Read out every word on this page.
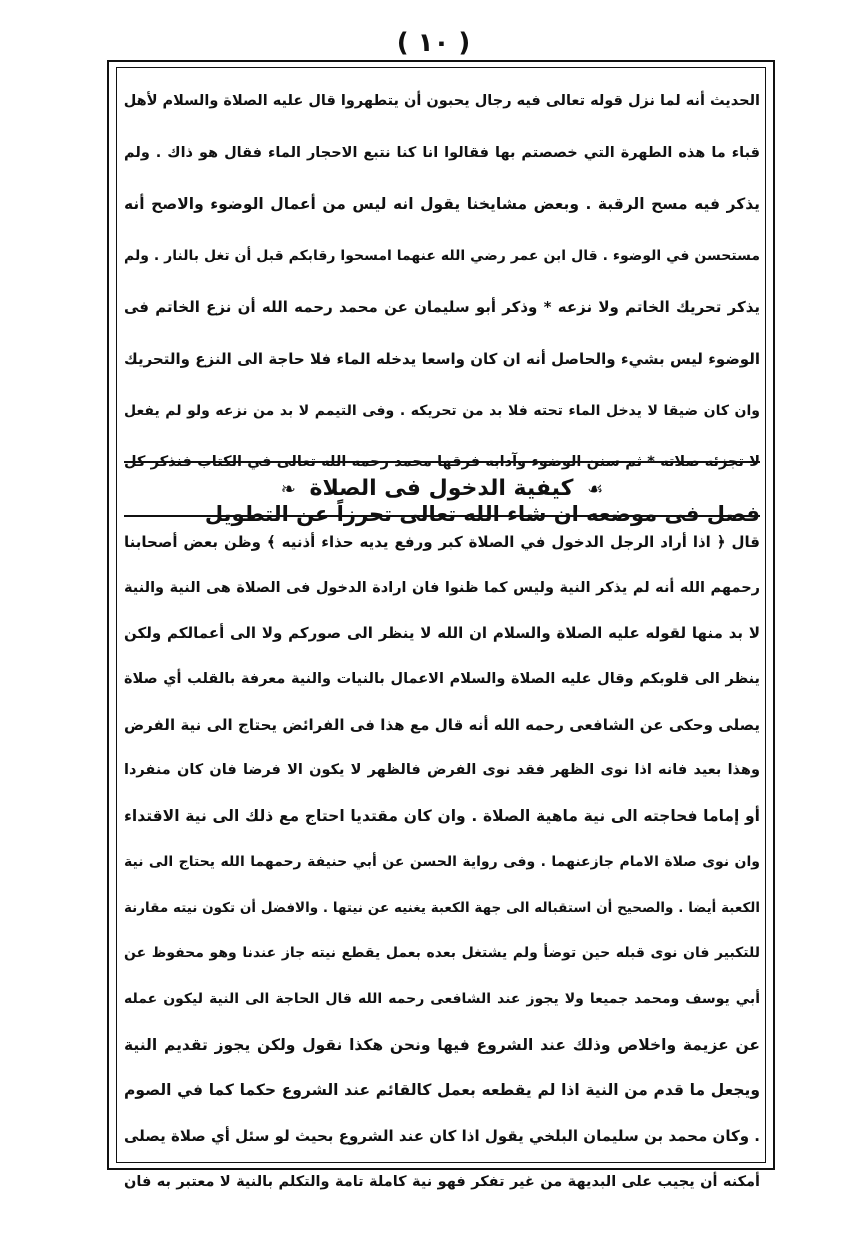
( ١٠ )
الحديث أنه لما نزل قوله تعالى فيه رجال يحبون أن يتطهروا قال عليه الصلاة والسلام لأهل
قباء ما هذه الطهرة التي خصصتم بها فقالوا انا كنا نتبع الاحجار الماء فقال هو ذاك . ولم
يذكر فيه مسح الرقبة . وبعض مشايخنا يقول انه ليس من أعمال الوضوء والاصح أنه
مستحسن في الوضوء . قال ابن عمر رضي الله عنهما امسحوا رقابكم قبل أن تغل بالنار . ولم
يذكر تحريك الخاتم ولا نزعه * وذكر أبو سليمان عن محمد رحمه الله أن نزع الخاتم فى
الوضوء ليس بشيء والحاصل أنه ان كان واسعا يدخله الماء فلا حاجة الى النزع والتحريك
وان كان ضيقا لا يدخل الماء تحته فلا بد من تحريكه . وفى التيمم لا بد من نزعه ولو لم يفعل
لا تجزئه صلاته * ثم سنن الوضوء وآدابه فرقها محمد رحمه الله تعالى في الكتاب فنذكر كل
فصل فى موضعه ان شاء الله تعالى تحرزاً عن التطويل
☙ كيفية الدخول فى الصلاة ❧
قال ﴿ اذا أراد الرجل الدخول في الصلاة كبر ورفع يديه حذاء أذنيه ﴾ وظن بعض أصحابنا
رحمهم الله أنه لم يذكر النية وليس كما ظنوا فان ارادة الدخول فى الصلاة هى النية والنية
لا بد منها لقوله عليه الصلاة والسلام ان الله لا ينظر الى صوركم ولا الى أعمالكم ولكن
ينظر الى قلوبكم وقال عليه الصلاة والسلام الاعمال بالنيات والنية معرفة بالقلب أي صلاة
يصلى وحكى عن الشافعى رحمه الله أنه قال مع هذا فى الفرائض يحتاج الى نية الفرض
وهذا بعيد فانه اذا نوى الظهر فقد نوى الفرض فالظهر لا يكون الا فرضا فان كان منفردا
أو إماما فحاجته الى نية ماهية الصلاة . وان كان مقتديا احتاج مع ذلك الى نية الاقتداء
وان نوى صلاة الامام جازعنهما . وفى رواية الحسن عن أبي حنيفة رحمهما الله يحتاج الى نية
الكعبة أيضا . والصحيح أن استقباله الى جهة الكعبة يغنيه عن نيتها . والافضل أن تكون نيته مقارنة
للتكبير فان نوى قبله حين توضأ ولم يشتغل بعده بعمل يقطع نيته جاز عندنا وهو محفوظ عن
أبي يوسف ومحمد جميعا ولا يجوز عند الشافعى رحمه الله قال الحاجة الى النية ليكون عمله
عن عزيمة واخلاص وذلك عند الشروع فيها ونحن هكذا نقول ولكن يجوز تقديم النية
ويجعل ما قدم من النية اذا لم يقطعه بعمل كالقائم عند الشروع حكما كما في الصوم
. وكان محمد بن سليمان البلخي يقول اذا كان عند الشروع بحيث لو سئل أي صلاة يصلى
أمكنه أن يجيب على البديهة من غير تفكر فهو نية كاملة تامة والتكلم بالنية لا معتبر به فان
